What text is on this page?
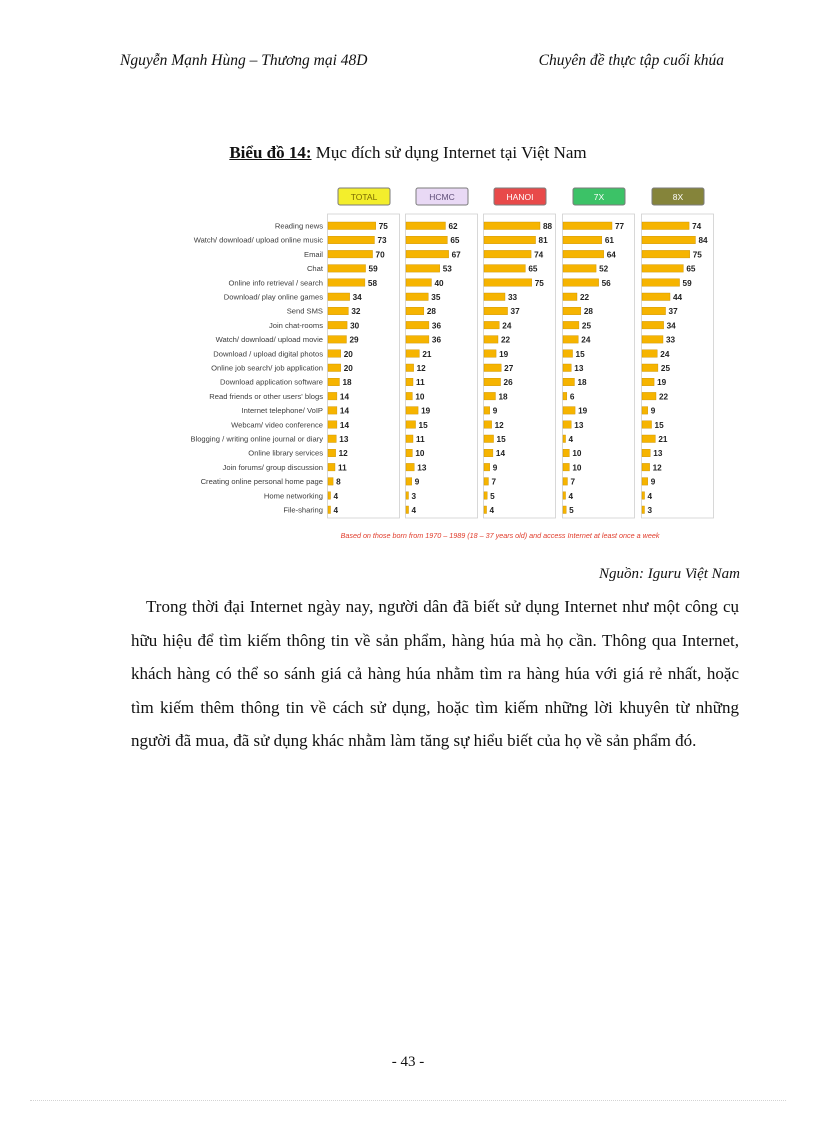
Nguyễn Mạnh Hùng – Thương mại 48D	Chuyên đề thực tập cuối khúa
Biểu đồ 14: Mục đích sử dụng Internet tại Việt Nam
Reading news
Watch/ download/ upload online music
Email
Chat
Online info retrieval / search
Download/ play online games
Send SMS
Join chat-rooms
Watch/ download/ upload movie
Download / upload digital photos
Online job search/ job application
Download application software
Read friends or other users' blogs
Internet telephone/ VoIP
Webcam/ video conference
Blogging / writing online journal or diary
Online library services
Join forums/ group discussion
Creating online personal home page
Home networking
File-sharing
TOTAL
75
73
70
59
58
34
32
30
29
20
20
18
14
14
14
13
12
11
8
4
4
HCMC
62
65
67
53
40
35
28
36
36
21
12
11
10
19
15
11
10
13
9
3
4
HANOI
88
81
74
65
75
33
37
24
22
19
27
26
18
9
12
15
14
9
7
5
4
7X
77
61
64
52
56
22
28
25
24
15
13
18
6
19
13
4
10
10
7
4
5
8X
74
84
75
65
59
44
37
34
33
24
25
19
22
9
15
21
13
12
9
4
3
Based on those born from 1970 – 1989 (18 – 37 years old) and access Internet at least once a week
Nguồn: Iguru Việt Nam

Trong thời đại Internet ngày nay, người dân đã biết sử dụng Internet như một công cụ hữu hiệu để tìm kiếm thông tin về sản phẩm, hàng húa mà họ cần. Thông qua Internet, khách hàng có thể so sánh giá cả hàng húa nhằm tìm ra hàng húa với giá rẻ nhất, hoặc tìm kiếm thêm thông tin về cách sử dụng, hoặc tìm kiếm những lời khuyên từ những người đã mua, đã sử dụng khác nhằm làm tăng sự hiểu biết của họ về sản phẩm đó.

- 43 -
